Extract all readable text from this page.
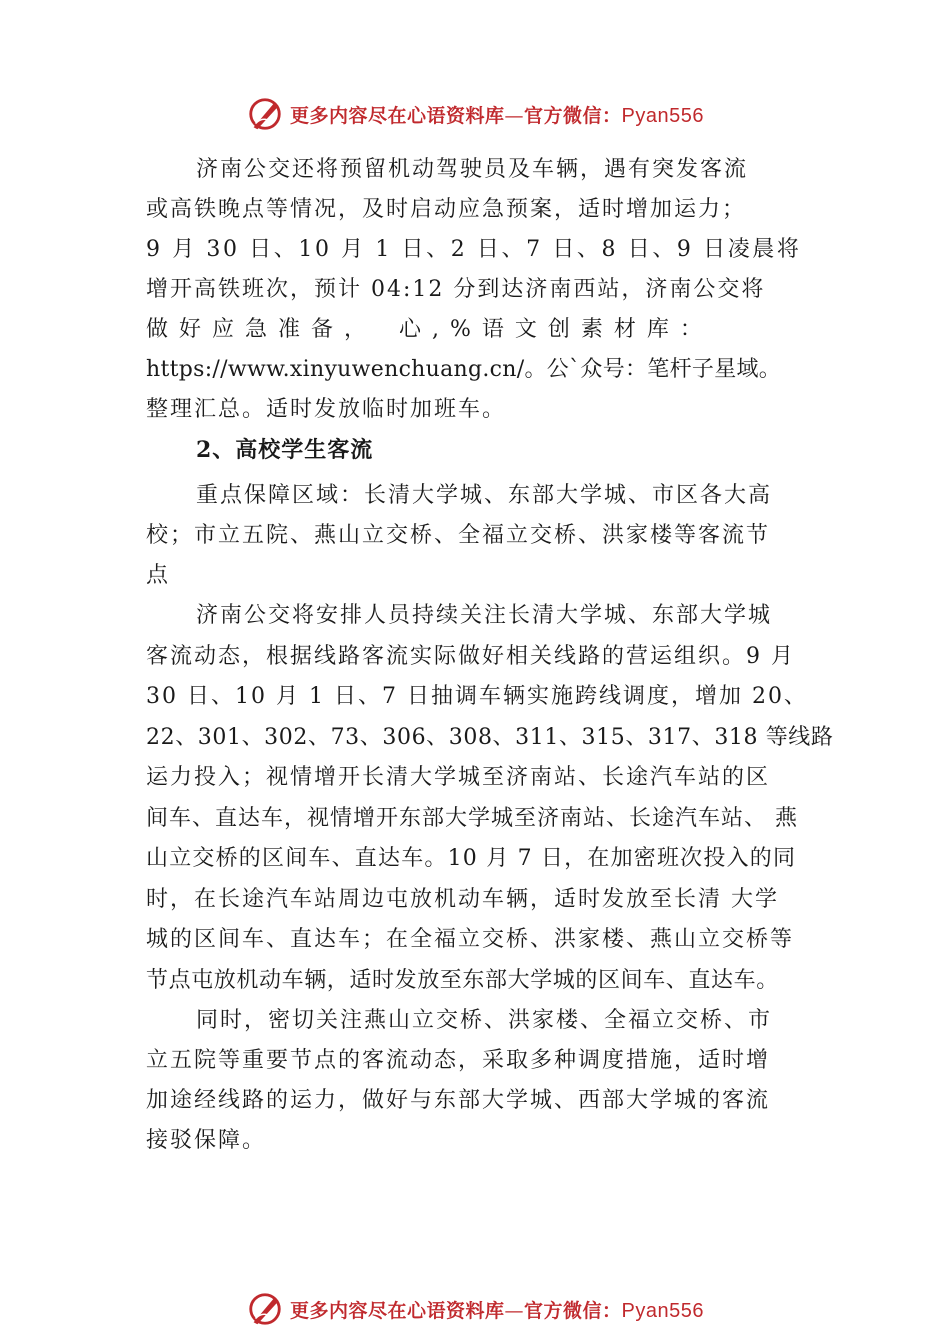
更多内容尽在心语资料库—官方微信：Pyan556

济南公交还将预留机动驾驶员及车辆，遇有突发客流
或高铁晚点等情况，及时启动应急预案，适时增加运力；
9 月 30 日、10 月 1 日、2 日、7 日、8 日、9 日凌晨将
增开高铁班次，预计 04:12 分到达济南西站，济南公交将
做好应急准备，　心,%语文创素材库：
https://www.xinyuwenchuang.cn/。公`众号：笔杆子星域。
整理汇总。适时发放临时加班车。

2、高校学生客流

重点保障区域：长清大学城、东部大学城、市区各大高
校；市立五院、燕山立交桥、全福立交桥、洪家楼等客流节
点

济南公交将安排人员持续关注长清大学城、东部大学城
客流动态，根据线路客流实际做好相关线路的营运组织。9 月
30 日、10 月 1 日、7 日抽调车辆实施跨线调度，增加 20、
22、301、302、73、306、308、311、315、317、318 等线路
运力投入；视情增开长清大学城至济南站、长途汽车站的区
间车、直达车，视情增开东部大学城至济南站、长途汽车站、 燕
山立交桥的区间车、直达车。10 月 7 日，在加密班次投入的同
时，在长途汽车站周边屯放机动车辆，适时发放至长清 大学
城的区间车、直达车；在全福立交桥、洪家楼、燕山立交桥等
节点屯放机动车辆，适时发放至东部大学城的区间车、直达车。

同时，密切关注燕山立交桥、洪家楼、全福立交桥、市
立五院等重要节点的客流动态，采取多种调度措施，适时增
加途经线路的运力，做好与东部大学城、西部大学城的客流
接驳保障。

更多内容尽在心语资料库—官方微信：Pyan556
